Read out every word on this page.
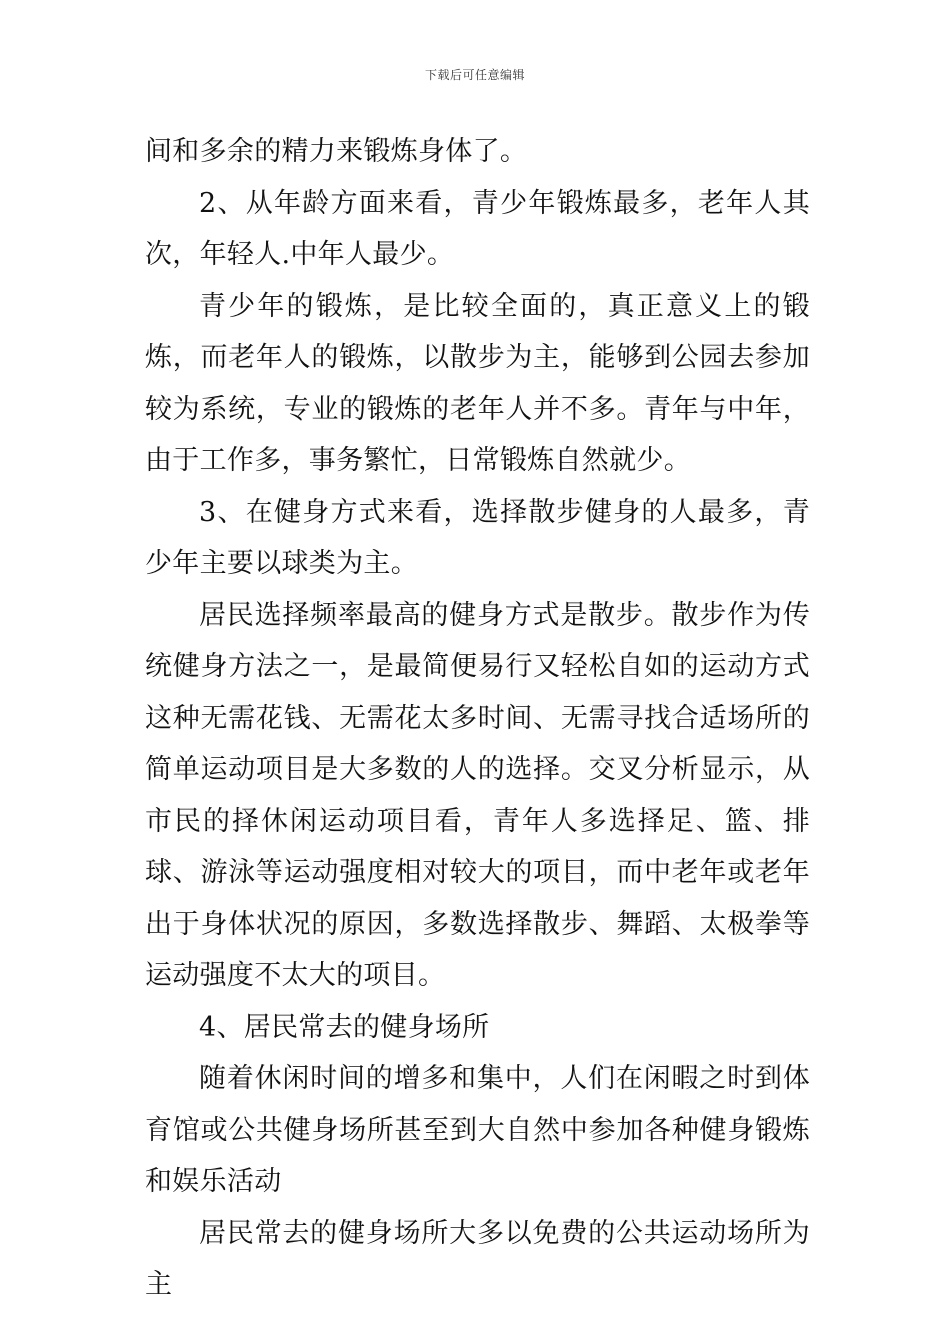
下载后可任意编辑

间和多余的精力来锻炼身体了。

2、从年龄方面来看，青少年锻炼最多，老年人其次，年轻人.中年人最少。

青少年的锻炼，是比较全面的，真正意义上的锻炼，而老年人的锻炼，以散步为主，能够到公园去参加较为系统，专业的锻炼的老年人并不多。青年与中年，由于工作多，事务繁忙，日常锻炼自然就少。

3、在健身方式来看，选择散步健身的人最多，青少年主要以球类为主。

居民选择频率最高的健身方式是散步。散步作为传统健身方法之一，是最简便易行又轻松自如的运动方式这种无需花钱、无需花太多时间、无需寻找合适场所的简单运动项目是大多数的人的选择。交叉分析显示，从市民的择休闲运动项目看，青年人多选择足、篮、排球、游泳等运动强度相对较大的项目，而中老年或老年出于身体状况的原因，多数选择散步、舞蹈、太极拳等运动强度不太大的项目。

4、居民常去的健身场所

随着休闲时间的增多和集中，人们在闲暇之时到体育馆或公共健身场所甚至到大自然中参加各种健身锻炼和娱乐活动

居民常去的健身场所大多以免费的公共运动场所为主
